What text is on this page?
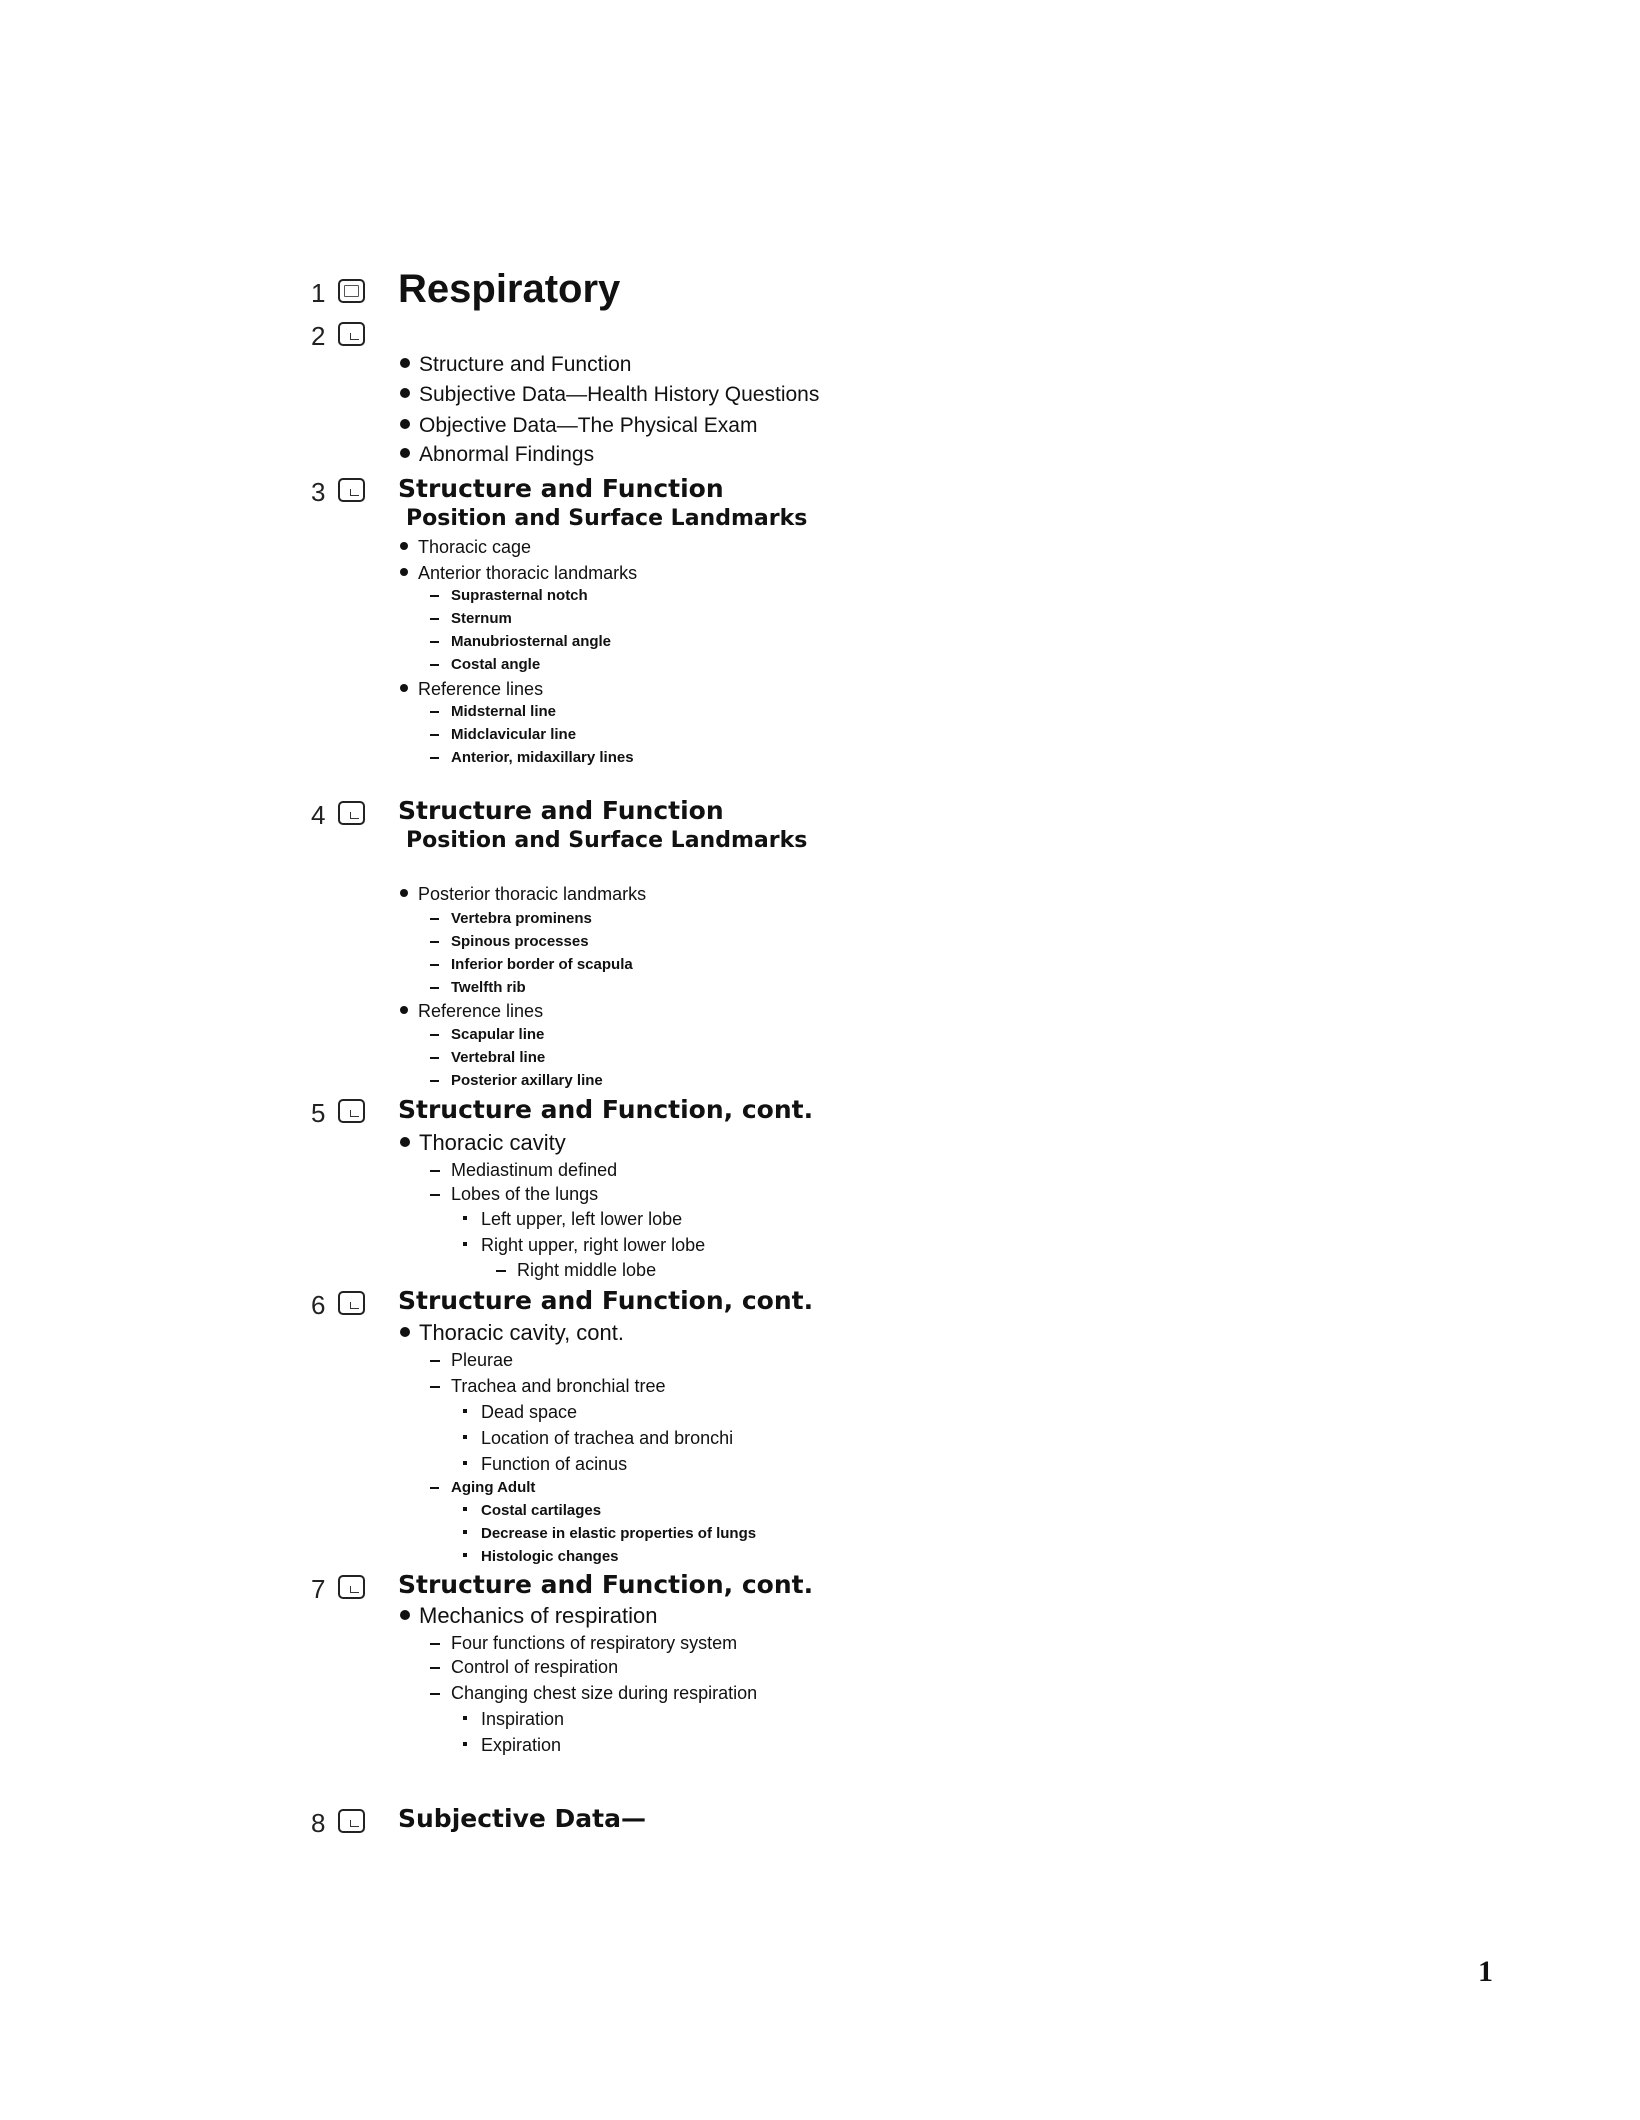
1 Respiratory
2
Structure and Function
Subjective Data—Health History Questions
Objective Data—The Physical Exam
Abnormal Findings
3	Structure and Function
Position and Surface Landmarks
Thoracic cage
Anterior thoracic landmarks
Suprasternal notch
Sternum
Manubriosternal angle
Costal angle
Reference lines
Midsternal line
Midclavicular line
Anterior, midaxillary lines
4	Structure and Function
Position and Surface Landmarks
Posterior thoracic landmarks
Vertebra prominens
Spinous processes
Inferior border of scapula
Twelfth rib
Reference lines
Scapular line
Vertebral line
Posterior axillary line
5	Structure and Function, cont.
Thoracic cavity
Mediastinum defined
Lobes of the lungs
Left upper, left lower lobe
Right upper, right lower lobe
Right middle lobe
6	Structure and Function, cont.
Thoracic cavity, cont.
Pleurae
Trachea and bronchial tree
Dead space
Location of trachea and bronchi
Function of acinus
Aging Adult
Costal cartilages
Decrease in elastic properties of lungs
Histologic changes
7	Structure and Function, cont.
Mechanics of respiration
Four functions of respiratory system
Control of respiration
Changing chest size during respiration
Inspiration
Expiration
8	Subjective Data—
1
